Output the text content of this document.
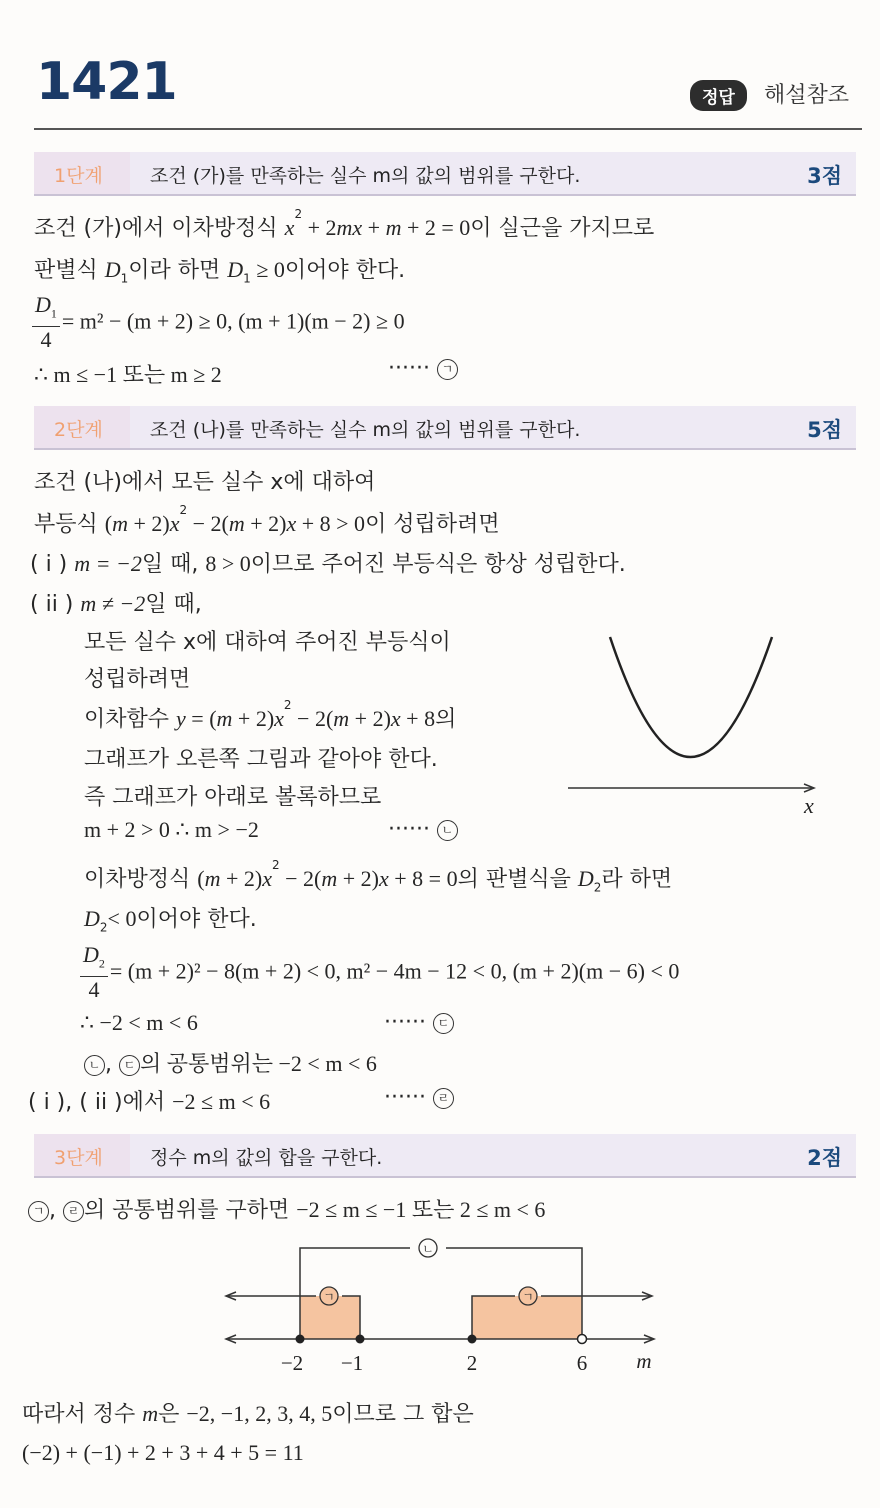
1421	정답	해설참조
1단계 조건 (가)를 만족하는 실수 m의 값의 범위를 구한다.	3점
조건 (가)에서 이차방정식 $x^2 + 2mx + m + 2 = 0$이 실근을 가지므로
판별식 $D_1$이라 하면 $D_1 \ge 0$이어야 한다.
$\frac{D_1}{4} = m^2 - (m + 2) \ge 0$, (m + 1)(m − 2) ≥ 0
∴ m ≤ −1 또는 m ≥ 2	······ ㄱ
2단계 조건 (나)를 만족하는 실수 m의 값의 범위를 구한다.	5점
조건 (나)에서 모든 실수 x에 대하여
부등식 $(m + 2)x^2 - 2(m + 2)x + 8 > 0$이 성립하려면
( i ) m = −2일 때, 8 > 0이므로 주어진 부등식은 항상 성립한다.
( ii ) m ≠ −2일 때,
모든 실수 x에 대하여 주어진 부등식이
성립하려면
이차함수 $y = (m + 2)x^2 - 2(m + 2)x + 8$의
그래프가 오른쪽 그림과 같아야 한다.
즉 그래프가 아래로 볼록하므로
m + 2 > 0 ∴ m > −2	······ ㄴ
x
이차방정식 $(m + 2)x^2 - 2(m + 2)x + 8 = 0$의 판별식을 $D_2$라 하면
$D_2< 0$이어야 한다.
$\frac{D_2}{4} = (m + 2)^2 - 8(m + 2) < 0$, m² − 4m − 12 < 0, (m + 2)(m − 6) < 0
∴ −2 < m < 6	······ ㄷ
ㄴ , ㄷ 의 공통범위는 −2 < m < 6
( i ), ( ii )에서 −2 ≤ m < 6	······ ㄹ
3단계 정수 m의 값의 합을 구한다.	2점
ㄱ , ㄹ 의 공통범위를 구하면 −2 ≤ m ≤ −1 또는 2 ≤ m < 6
ㄴ
ㄱ	ㄱ
−2 −1	2	6 m
따라서 정수 m은 −2, −1, 2, 3, 4, 5이므로 그 합은
(−2) + (−1) + 2 + 3 + 4 + 5 = 11
